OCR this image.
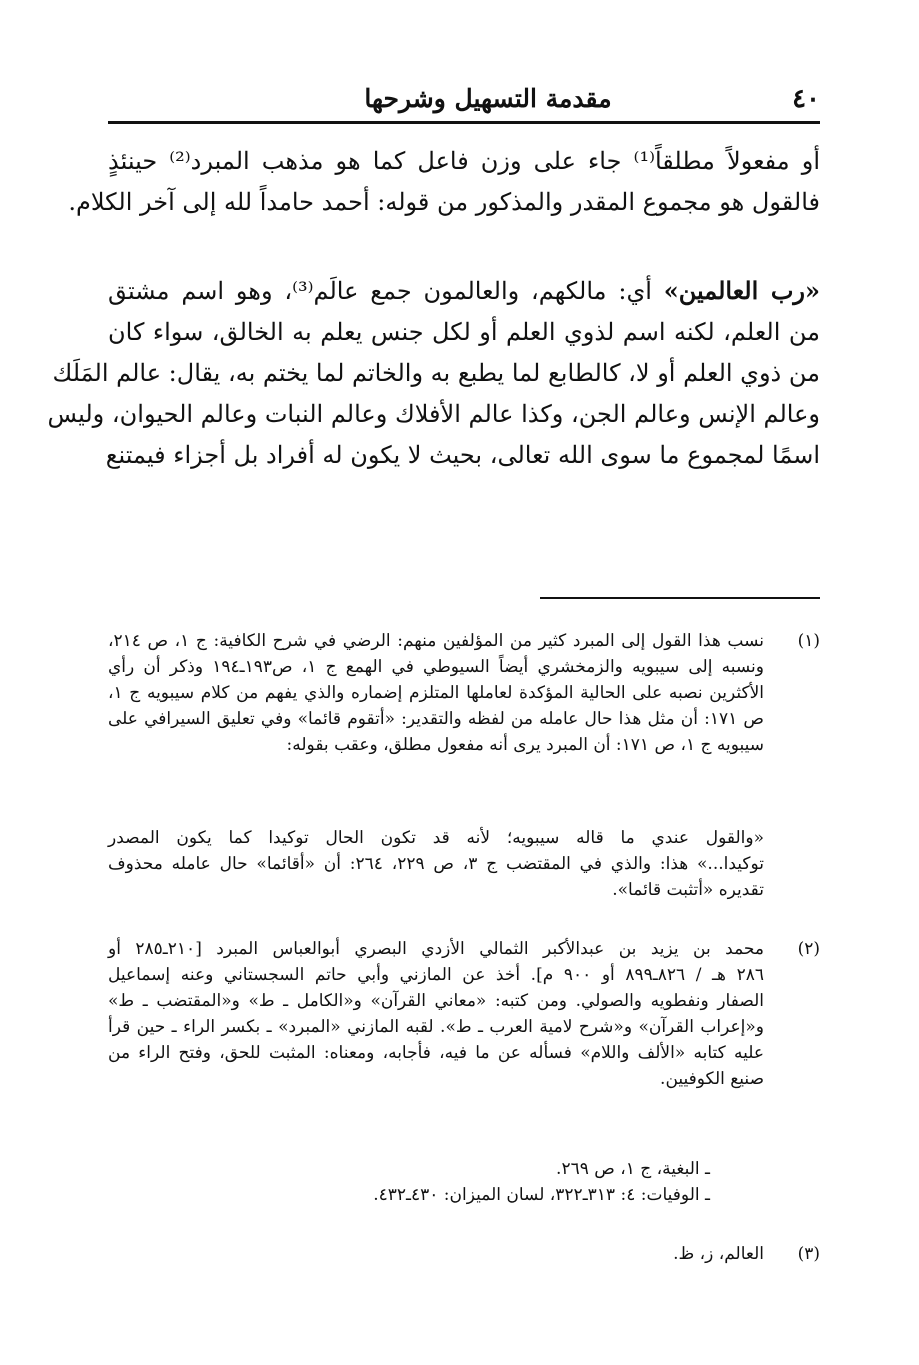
٤٠
مقدمة التسهيل وشرحها
أو مفعولاً مطلقاً⁽¹⁾ جاء على وزن فاعل كما هو مذهب المبرد⁽²⁾ حينئذٍ
فالقول هو مجموع المقدر والمذكور من قوله: أحمد حامداً لله إلى آخر الكلام.
«رب العالمين» أي: مالكهم، والعالمون جمع عالَم⁽³⁾، وهو اسم مشتق
من العلم، لكنه اسم لذوي العلم أو لكل جنس يعلم به الخالق، سواء كان
من ذوي العلم أو لا، كالطابع لما يطبع به والخاتم لما يختم به، يقال: عالم المَلَك
وعالم الإنس وعالم الجن، وكذا عالم الأفلاك وعالم النبات وعالم الحيوان، وليس
اسمًا لمجموع ما سوى الله تعالى، بحيث لا يكون له أفراد بل أجزاء فيمتنع
(١)
نسب هذا القول إلى المبرد كثير من المؤلفين منهم: الرضي في شرح الكافية: ج ١، ص ٢١٤،
ونسبه إلى سيبويه والزمخشري أيضاً السيوطي في الهمع ج ١، ص١٩٣ـ١٩٤ وذكر أن رأي
الأكثرين نصبه على الحالية المؤكدة لعاملها المتلزم إضماره والذي يفهم من كلام سيبويه ج ١،
ص ١٧١: أن مثل هذا حال عامله من لفظه والتقدير: «أتقوم قائما» وفي تعليق السيرافي على
سيبويه ج ١، ص ١٧١: أن المبرد يرى أنه مفعول مطلق، وعقب بقوله:
«والقول عندي ما قاله سيبويه؛ لأنه قد تكون الحال توكيدا كما يكون المصدر
توكيدا...» هذا: والذي في المقتضب ج ٣، ص ٢٢٩، ٢٦٤: أن «أقائما» حال عامله محذوف
تقديره «أتثبت قائما».
(٢)
محمد بن يزيد بن عبدالأكبر الثمالي الأزدي البصري أبوالعباس المبرد [٢١٠ـ٢٨٥ أو
٢٨٦ هـ / ٨٢٦ـ٨٩٩ أو ٩٠٠ م]. أخذ عن المازني وأبي حاتم السجستاني وعنه إسماعيل
الصفار ونفطويه والصولي. ومن كتبه: «معاني القرآن» و«الكامل ـ ط» و«المقتضب ـ ط»
و«إعراب القرآن» و«شرح لامية العرب ـ ط». لقبه المازني «المبرد» ـ بكسر الراء ـ حين قرأ
عليه كتابه «الألف واللام» فسأله عن ما فيه، فأجابه، ومعناه: المثبت للحق، وفتح الراء من
صنيع الكوفيين.
ـ البغية، ج ١، ص ٢٦٩.
ـ الوفيات: ٤: ٣١٣ـ٣٢٢، لسان الميزان: ٤٣٠ـ٤٣٢.
(٣)
العالم، ز، ظ.
